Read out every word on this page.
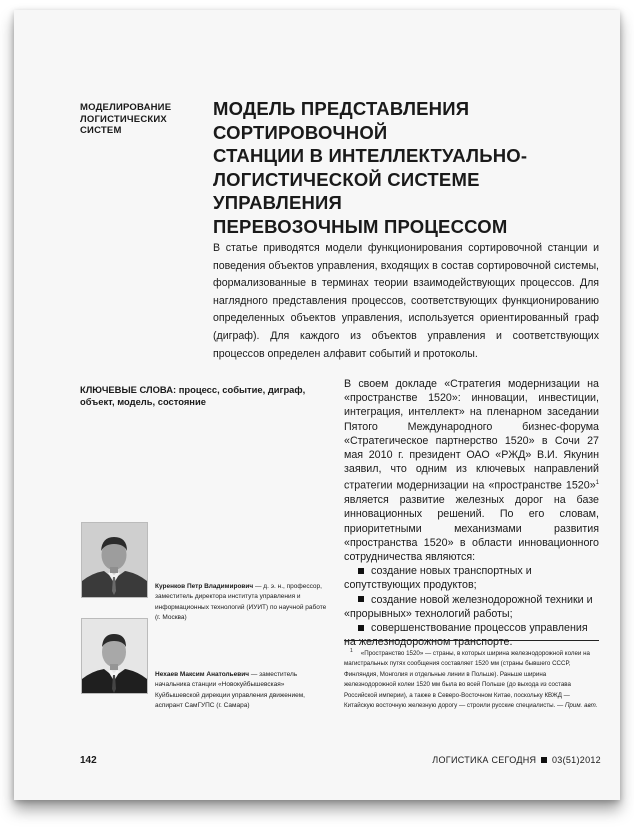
МОДЕЛИРОВАНИЕ
ЛОГИСТИЧЕСКИХ
СИСТЕМ
МОДЕЛЬ ПРЕДСТАВЛЕНИЯ СОРТИРОВОЧНОЙ
СТАНЦИИ В ИНТЕЛЛЕКТУАЛЬНО-
ЛОГИСТИЧЕСКОЙ СИСТЕМЕ УПРАВЛЕНИЯ
ПЕРЕВОЗОЧНЫМ ПРОЦЕССОМ
В статье приводятся модели функционирования сортировочной станции и поведения объектов управления, входящих в состав сортировочной системы, формализованные в терминах теории взаимодействующих процессов. Для наглядного представления процессов, соответствующих функционированию определенных объектов управления, используется ориентированный граф (диграф). Для каждого из объектов управления и соответствующих процессов определен алфавит событий и протоколы.
КЛЮЧЕВЫЕ СЛОВА: процесс, событие, диграф, объект, модель, состояние

В своем докладе «Стратегия модернизации на «пространстве 1520»: инновации, инвестиции, интеграция, интеллект» на пленарном заседании Пятого Международного бизнес-форума «Стратегическое партнерство 1520» в Сочи 27 мая 2010 г. президент ОАО «РЖД» В.И. Якунин заявил, что одним из ключевых направлений стратегии модернизации на «пространстве 1520»$^1$ является развитие железных дорог на базе инновационных решений. По его словам, приоритетными механизмами развития «пространства 1520» в области инновационного сотрудничества являются:

создание новых транспортных и сопутствующих продуктов;
создание новой железнодорожной техники и «прорывных» технологий работы;
совершенствование процессов управления на железнодорожном транспорте.
$^1$ «Пространство 1520» — страны, в которых ширина железнодорожной колеи на магистральных путях сообщения составляет 1520 мм (страны бывшего СССР, Финляндия, Монголия и отдельные линии в Польше). Раньше ширина железнодорожной колеи 1520 мм была во всей Польше (до выхода из состава Российской империи), а также в Северо-Восточном Китае, поскольку КВЖД — Китайскую восточную железную дорогу — строили русские специалисты. — Прим. авт.
Куренков Петр Владимирович — д. э. н., профессор, заместитель директора института управления и информационных технологий (ИУИТ) по научной работе (г. Москва)
Нехаев Максим Анатольевич — заместитель начальника станции «Новокуйбышевская» Куйбышевской дирекции управления движением, аспирант СамГУПС (г. Самара)
142	ЛОГИСТИКА СЕГОДНЯ 03(51)2012
